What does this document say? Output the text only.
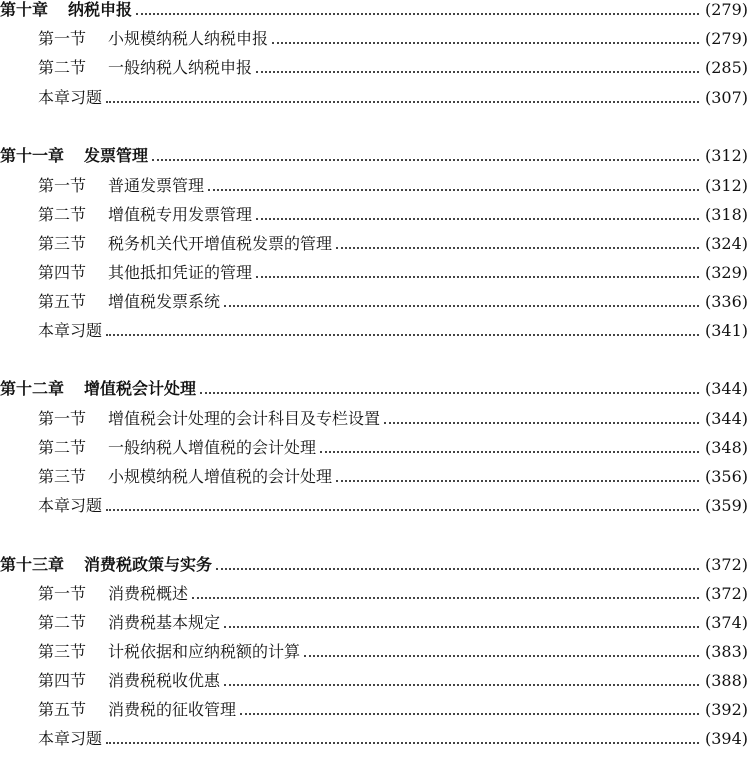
第十章 纳税申报	(279)
第一节 小规模纳税人纳税申报	(279)
第二节 一般纳税人纳税申报	(285)
本章习题	(307)
第十一章 发票管理	(312)
第一节 普通发票管理	(312)
第二节 增值税专用发票管理	(318)
第三节 税务机关代开增值税发票的管理	(324)
第四节 其他抵扣凭证的管理	(329)
第五节 增值税发票系统	(336)
本章习题	(341)
第十二章 增值税会计处理	(344)
第一节 增值税会计处理的会计科目及专栏设置	(344)
第二节 一般纳税人增值税的会计处理	(348)
第三节 小规模纳税人增值税的会计处理	(356)
本章习题	(359)
第十三章 消费税政策与实务	(372)
第一节 消费税概述	(372)
第二节 消费税基本规定	(374)
第三节 计税依据和应纳税额的计算	(383)
第四节 消费税税收优惠	(388)
第五节 消费税的征收管理	(392)
本章习题	(394)
